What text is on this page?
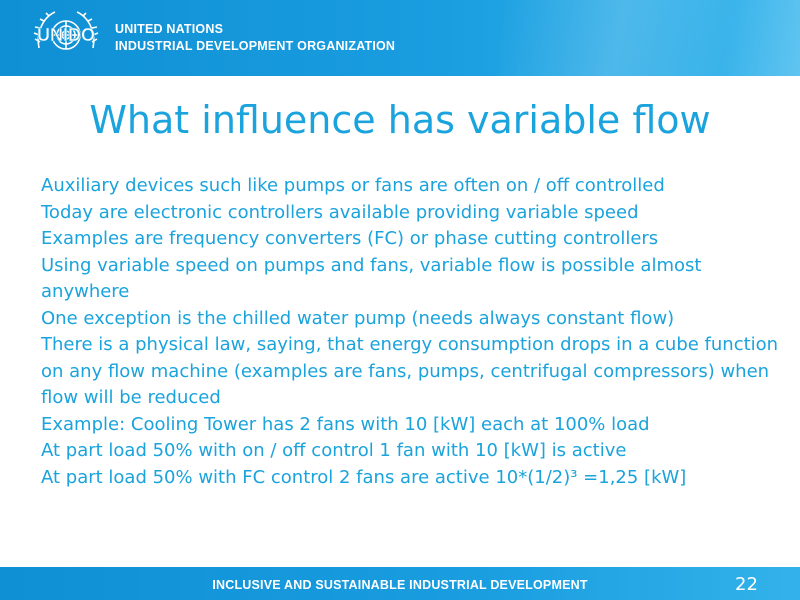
UNIDO UNITED NATIONS
INDUSTRIAL DEVELOPMENT ORGANIZATION
What influence has variable flow

Auxiliary devices such like pumps or fans are often on / off controlled

Today are electronic controllers available providing variable speed

Examples are frequency converters (FC) or phase cutting controllers

Using variable speed on pumps and fans, variable flow is possible almost anywhere

One exception is the chilled water pump (needs always constant flow)

There is a physical law, saying, that energy consumption drops in a cube function on any flow machine (examples are fans, pumps, centrifugal compressors) when flow will be reduced

Example: Cooling Tower has 2 fans with 10 [kW] each at 100% load

At part load 50% with on / off control 1 fan with 10 [kW] is active

At part load 50% with FC control 2 fans are active 10*(1/2)³ =1,25 [kW]

INCLUSIVE AND SUSTAINABLE INDUSTRIAL DEVELOPMENT	22
